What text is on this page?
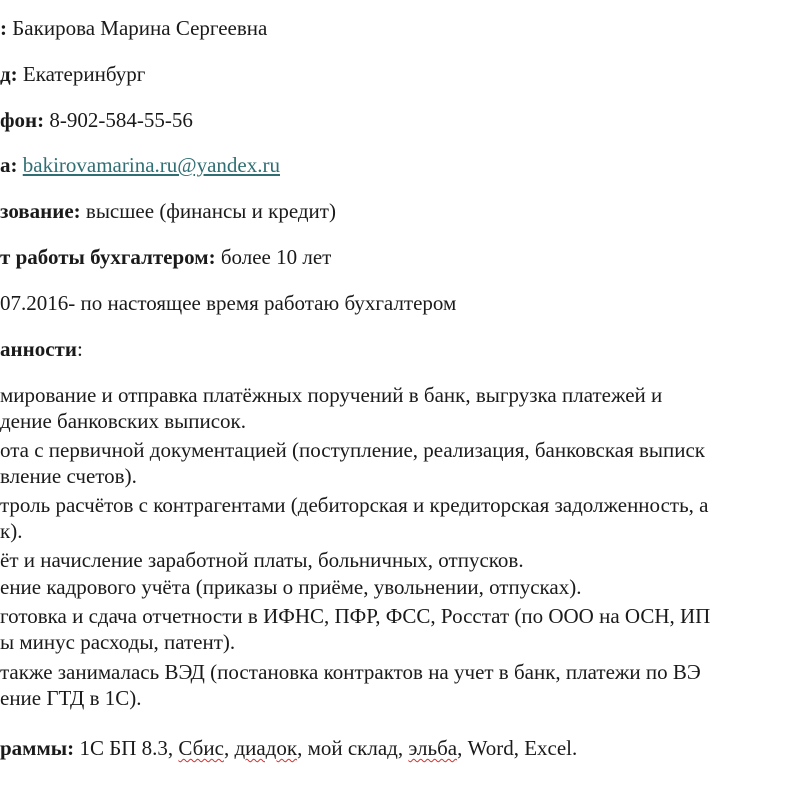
: Бакирова Марина Сергеевна
д: Екатеринбург
фон: 8-902-584-55-56
а: bakirovamarina.ru@yandex.ru
зование: высшее (финансы и кредит)
т работы бухгалтером: более 10 лет
07.2016- по настоящее время работаю бухгалтером
анности:
мирование и отправка платёжных поручений в банк, выгрузка платежей и
дение банковских выписок.
ота с первичной документацией (поступление, реализация, банковская выписк
вление счетов).
троль расчётов с контрагентами (дебиторская и кредиторская задолженность, а
к).
ёт и начисление заработной платы, больничных, отпусков.
ение кадрового учёта (приказы о приёме, увольнении, отпусках).
готовка и сдача отчетности в ИФНС, ПФР, ФСС, Росстат (по ООО на ОСН, ИП
ы минус расходы, патент).
также занималась ВЭД (постановка контрактов на учет в банк, платежи по ВЭ
ение ГТД в 1С).
раммы: 1С БП 8.3, Сбис, диадок, мой склад, эльба, Word, Excel.
